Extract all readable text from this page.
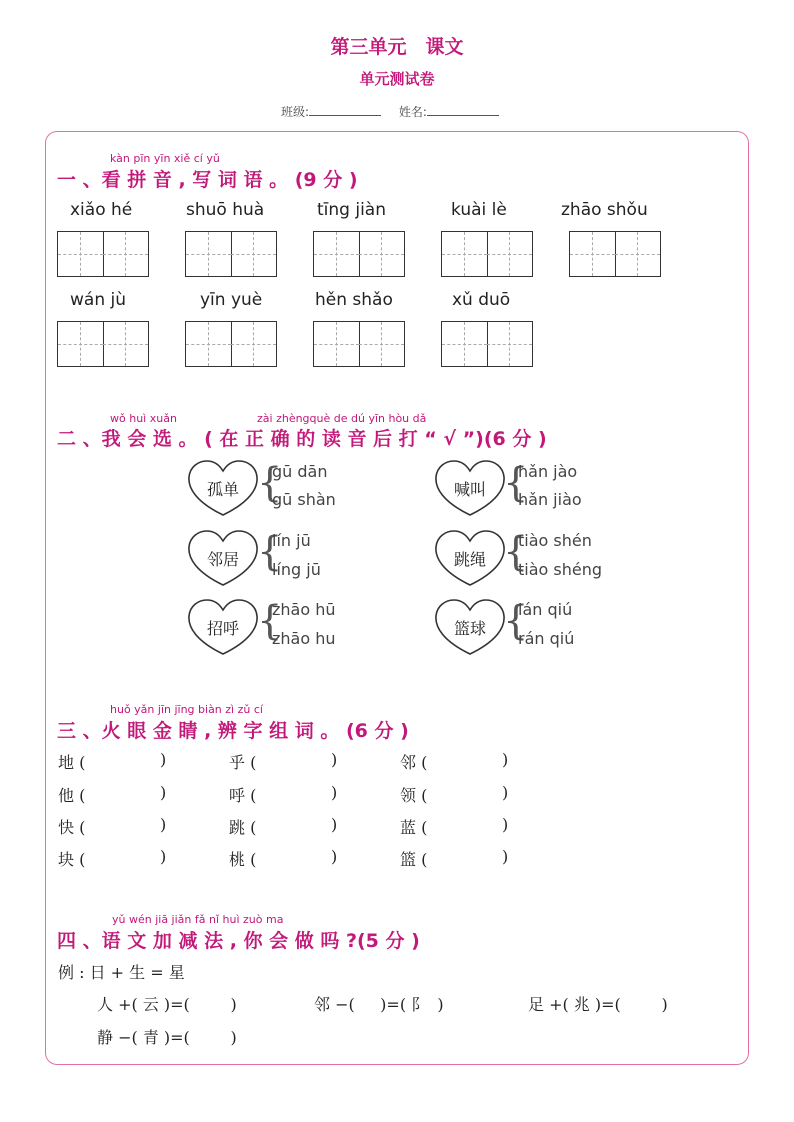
第三单元　课文
单元测试卷
班级:	姓名:
kàn pīn yīn xiě cí yǔ
一 、看 拼 音 , 写 词 语 。 (9 分 )
xiǎo hé	shuō huà	tīng jiàn	kuài lè	zhāo shǒu
wán jù	yīn yuè	hěn shǎo	xǔ duō
wǒ huì xuǎn	zài zhèngquè de dú yīn hòu dǎ
二 、我 会 选 。 ( 在 正 确 的 读 音 后 打 “ √ ”)(6 分 )
孤单 {
gū dān
gū shàn
邻居 {
lín jū
líng jū
招呼 {
zhāo hū
zhāo hu
喊叫 {
hǎn jào
hǎn jiào
跳绳 {
tiào shén
tiào shéng
篮球 {
lán qiú
rán qiú
huǒ yǎn jīn jīng biàn zì zǔ cí
三 、火 眼 金 睛 , 辨 字 组 词 。 (6 分 )
地 (	)	乎 (	)	邻 (	)
他 (	)	呼 (	)	领 (	)
快 (	)	跳 (	)	蓝 (	)
块 (	)	桃 (	)	篮 (	)
yǔ wén jiā jiǎn fǎ nǐ huì zuò ma
四 、语 文 加 减 法 , 你 会 做 吗 ?(5 分 )
例 : 日 + 生 = 星
人 +( 云 )=(        )	邻 −(     )=( 阝  )	足 +( 兆 )=(        )
静 −( 青 )=(        )
